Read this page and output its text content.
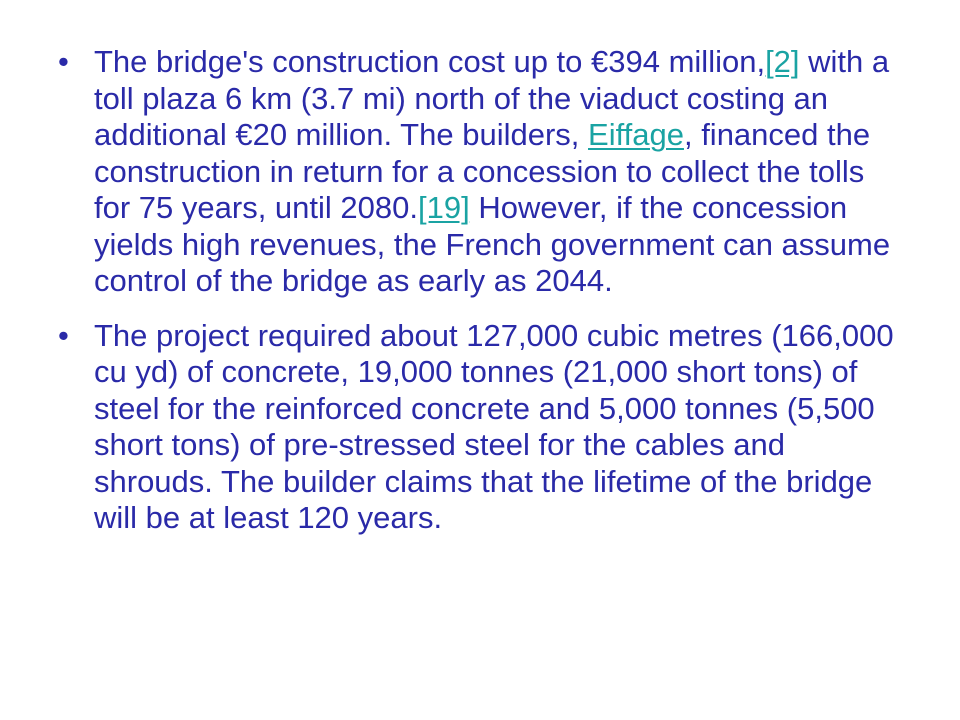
• The bridge's construction cost up to €394 million,[2] with a toll plaza 6 km (3.7 mi) north of the viaduct costing an additional €20 million. The builders, Eiffage, financed the construction in return for a concession to collect the tolls for 75 years, until 2080.[19] However, if the concession yields high revenues, the French government can assume control of the bridge as early as 2044.
• The project required about 127,000 cubic metres (166,000 cu yd) of concrete, 19,000 tonnes (21,000 short tons) of steel for the reinforced concrete and 5,000 tonnes (5,500 short tons) of pre-stressed steel for the cables and shrouds. The builder claims that the lifetime of the bridge will be at least 120 years.
